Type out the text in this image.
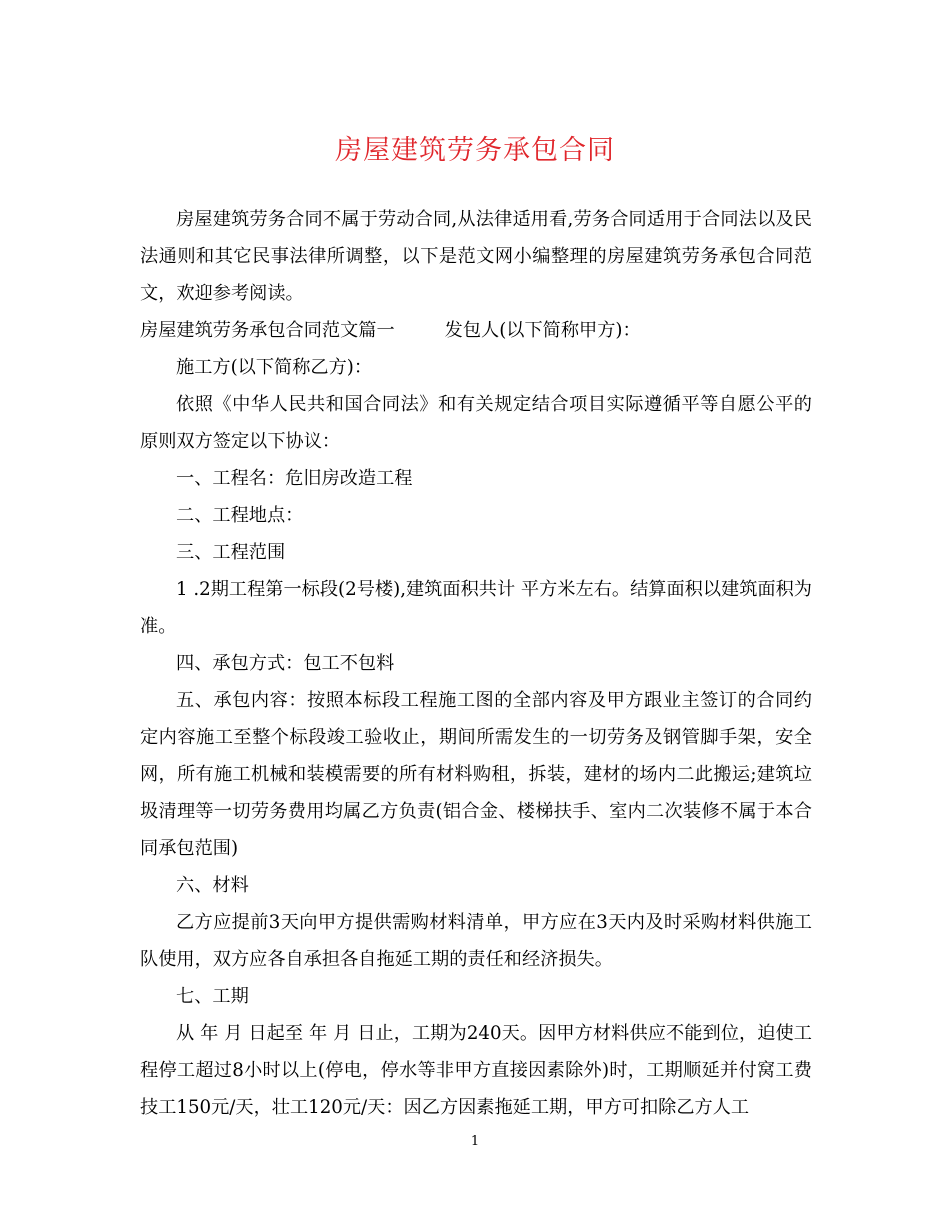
房屋建筑劳务承包合同

房屋建筑劳务合同不属于劳动合同,从法律适用看,劳务合同适用于合同法以及民法通则和其它民事法律所调整，以下是范文网小编整理的房屋建筑劳务承包合同范文，欢迎参考阅读。

房屋建筑劳务承包合同范文篇一	发包人(以下简称甲方)：

施工方(以下简称乙方)：

依照《中华人民共和国合同法》和有关规定结合项目实际遵循平等自愿公平的原则双方签定以下协议：

一、工程名：危旧房改造工程

二、工程地点：

三、工程范围

1 .2期工程第一标段(2号楼),建筑面积共计 平方米左右。结算面积以建筑面积为准。

四、承包方式：包工不包料

五、承包内容：按照本标段工程施工图的全部内容及甲方跟业主签订的合同约定内容施工至整个标段竣工验收止，期间所需发生的一切劳务及钢管脚手架，安全网，所有施工机械和装模需要的所有材料购租，拆装，建材的场内二此搬运;建筑垃圾清理等一切劳务费用均属乙方负责(铝合金、楼梯扶手、室内二次装修不属于本合同承包范围)

六、材料

乙方应提前3天向甲方提供需购材料清单，甲方应在3天内及时采购材料供施工队使用，双方应各自承担各自拖延工期的责任和经济损失。

七、工期

从 年 月 日起至 年 月 日止，工期为240天。因甲方材料供应不能到位，迫使工程停工超过8小时以上(停电，停水等非甲方直接因素除外)时，工期顺延并付窝工费技工150元/天，壮工120元/天：因乙方因素拖延工期，甲方可扣除乙方人工

1
